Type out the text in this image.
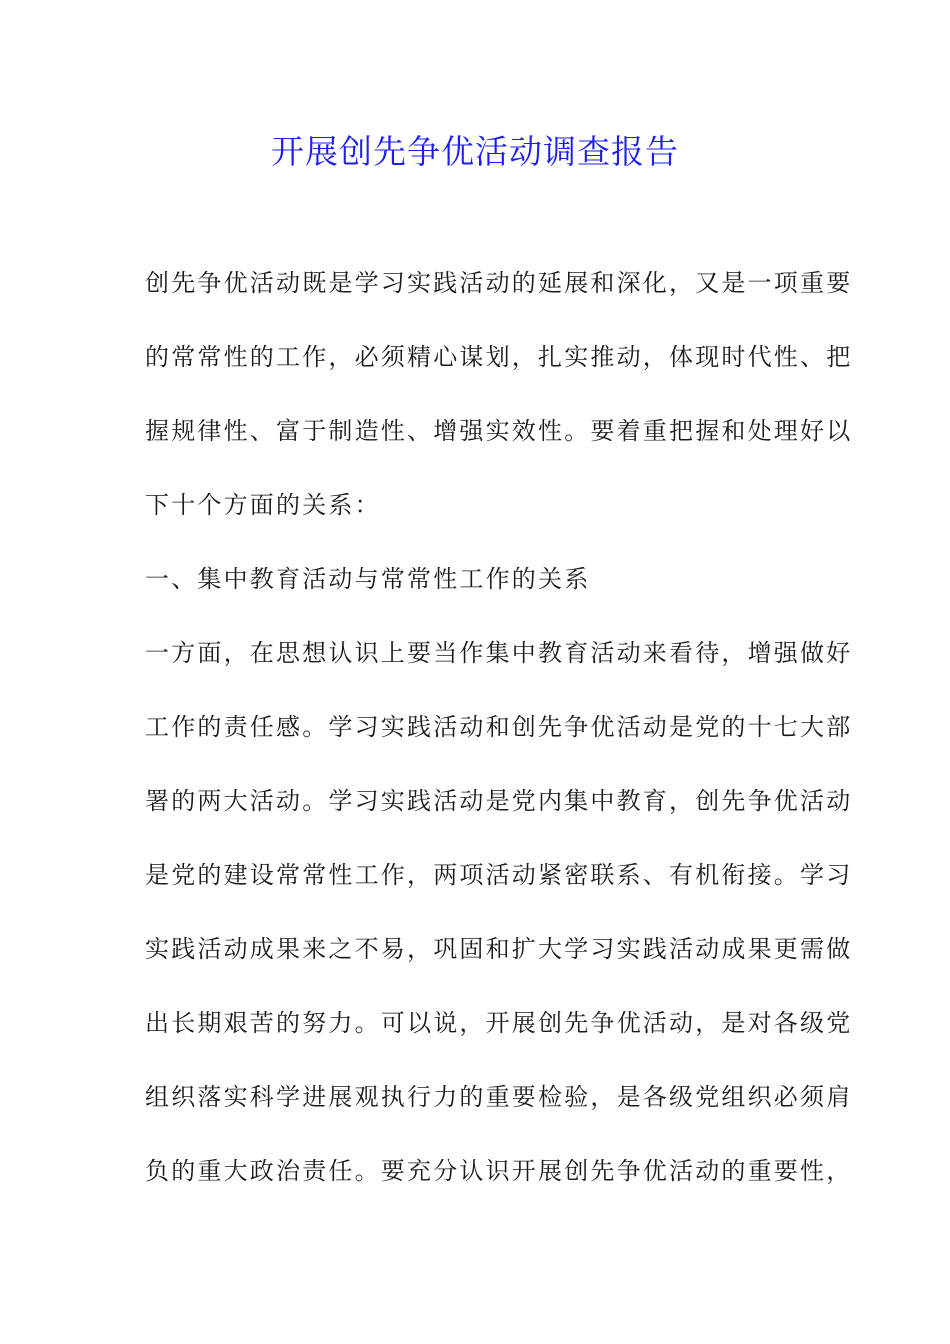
开展创先争优活动调查报告
创先争优活动既是学习实践活动的延展和深化，又是一项重要
的常常性的工作，必须精心谋划，扎实推动，体现时代性、把
握规律性、富于制造性、增强实效性。要着重把握和处理好以
下十个方面的关系：
一、集中教育活动与常常性工作的关系
一方面，在思想认识上要当作集中教育活动来看待，增强做好
工作的责任感。学习实践活动和创先争优活动是党的十七大部
署的两大活动。学习实践活动是党内集中教育，创先争优活动
是党的建设常常性工作，两项活动紧密联系、有机衔接。学习
实践活动成果来之不易，巩固和扩大学习实践活动成果更需做
出长期艰苦的努力。可以说，开展创先争优活动，是对各级党
组织落实科学进展观执行力的重要检验，是各级党组织必须肩
负的重大政治责任。要充分认识开展创先争优活动的重要性，
